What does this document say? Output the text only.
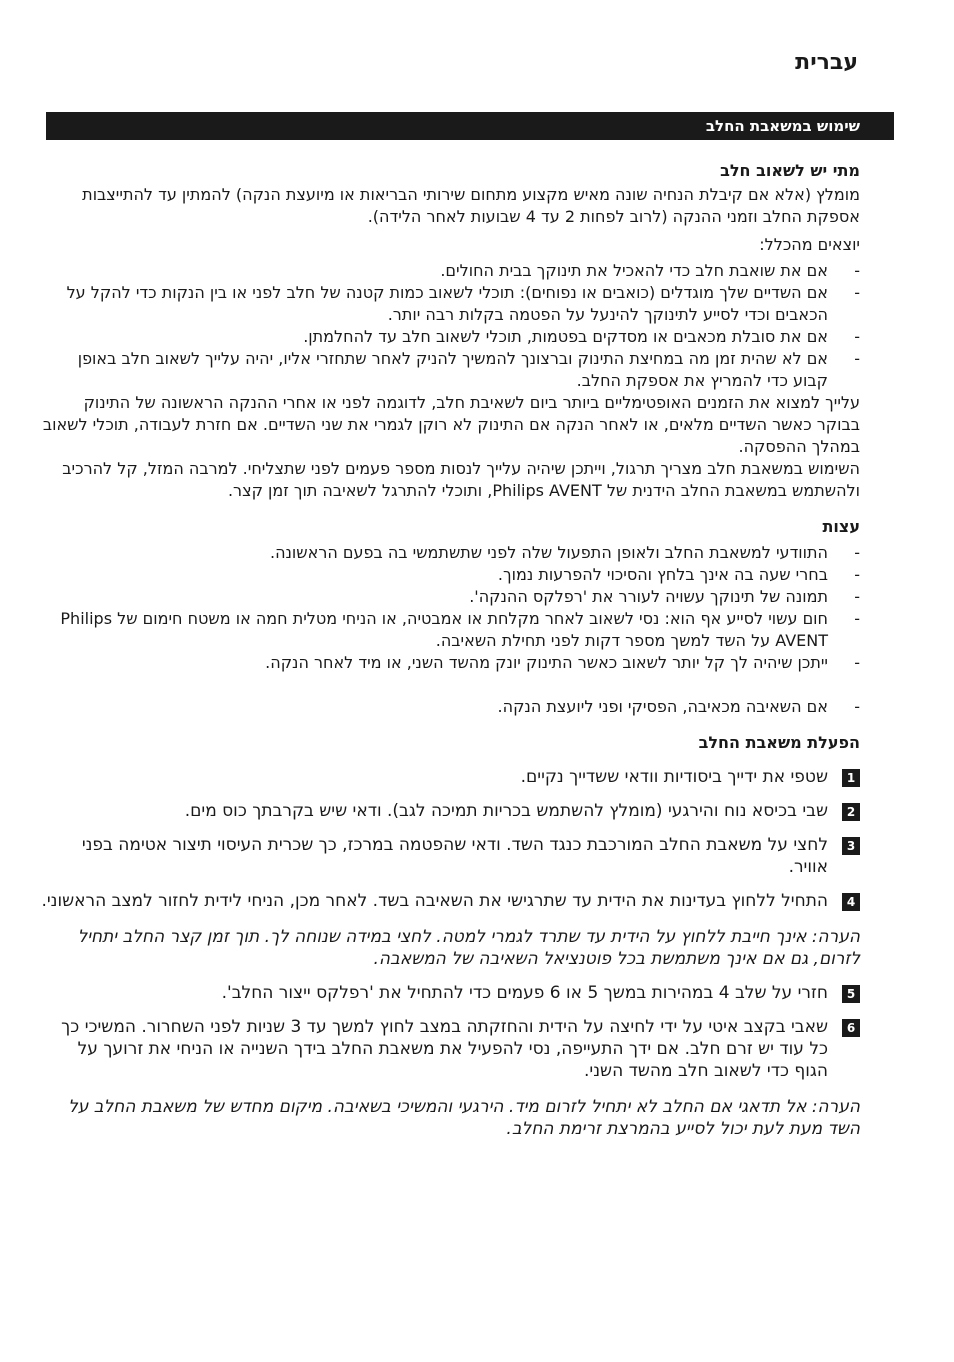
עברית
שימוש במשאבת החלב
מתי יש לשאוב חלב

מומלץ (אלא אם קיבלת הנחיה שונה מאיש מקצוע מתחום שירותי הבריאות או מיועצת הנקה) להמתין עד להתייצבות אספקת החלב וזמני ההנקה (לרוב לפחות 2 עד 4 שבועות לאחר הלידה).

יוצאים מהכלל:

-
אם את שואבת חלב כדי להאכיל את תינוקך בבית החולים.
-
אם השדיים שלך מוגדלים (כואבים או נפוחים): תוכלי לשאוב כמות קטנה של חלב לפני או בין הנקות כדי להקל על הכאבים וכדי לסייע לתינוקך להינעל על הפטמה בקלות רבה יותר.
-
אם את סובלת מכאבים או מסדקים בפטמות, תוכלי לשאוב חלב עד להחלמתן.
-
אם לא שהית זמן מה במחיצת התינוק וברצונך להמשיך להניק לאחר שתחזרי אליו, יהיה עלייך לשאוב חלב באופן קבוע כדי להמריץ את אספקת החלב.

עלייך למצוא את הזמנים האופטימליים ביותר ביום לשאיבת חלב, לדוגמה לפני או אחרי ההנקה הראשונה של התינוק בבוקר כאשר השדיים מלאים, או לאחר הנקה אם התינוק לא רוקן לגמרי את שני השדיים. אם חזרת לעבודה, תוכלי לשאוב במהלך ההפסקה.

השימוש במשאבת חלב מצריך תרגול, וייתכן שיהיה עלייך לנסות מספר פעמים לפני שתצליחי. למרבה המזל, קל להרכיב ולהשתמש במשאבת החלב הידנית של Philips AVENT, ותוכלי להתרגל לשאיבה תוך זמן קצר.

עצות
-
התוודעי למשאבת החלב ולאופן התפעול שלה לפני שתשתמשי בה בפעם הראשונה.
-
בחרי שעה בה אינך בלחץ והסיכוי להפרעות נמוך.
-
תמונה של תינוקך עשויה לעורר את 'רפלקס ההנקה'.
-
חום עשוי לסייע אף הוא: נסי לשאוב לאחר מקלחת או אמבטיה, או הניחי מטלית חמה או משטח חימום של Philips AVENT על השד למשך מספר דקות לפני תחילת השאיבה.
-
ייתכן שיהיה לך קל יותר לשאוב כאשר התינוק יונק מהשד השני, או מיד לאחר הנקה.
-
אם השאיבה מכאיבה, הפסיקי ופני ליועצת הנקה.
הפעלת משאבת החלב
1
שטפי את ידייך ביסודיות וודאי ששדייך נקיים.
2
שבי בכיסא נוח והירגעי (מומלץ להשתמש בכריות תמיכה לגב). ודאי שיש בקרבתך כוס מים.
3
לחצי על משאבת החלב המורכבת כנגד השד. ודאי שהפטמה במרכז, כך שכרית העיסוי תיצור אטימה בפני אוויר.
4
התחיל ללחוץ בעדינות את הידית עד שתרגישי את השאיבה בשד. לאחר מכן, הניחי לידית לחזור למצב הראשוני.

הערה: אינך חייבת ללחוץ על הידית עד שתרד לגמרי למטה. לחצי במידה שנוחה לך. תוך זמן קצר החלב יתחיל לזרום, גם אם אינך משתמשת בכל פוטנציאל השאיבה של המשאבה.

5
חזרי על שלב 4 במהירות במשך 5 או 6 פעמים כדי להתחיל את 'רפלקס ייצור החלב'.
6
שאבי בקצב איטי על ידי לחיצה על הידית והחזקתה במצב לחוץ למשך עד 3 שניות לפני השחרור. המשיכי כך כל עוד יש זרם חלב. אם ידך התעייפה, נסי להפעיל את משאבת החלב בידך השנייה או הניחי את זרועך על הגוף כדי לשאוב חלב מהשד השני.

הערה: אל תדאגי אם החלב לא יתחיל לזרום מיד. הירגעי והמשיכי בשאיבה. מיקום מחדש של משאבת החלב על השד מעת לעת יכול לסייע בהמרצת זרימת החלב.
